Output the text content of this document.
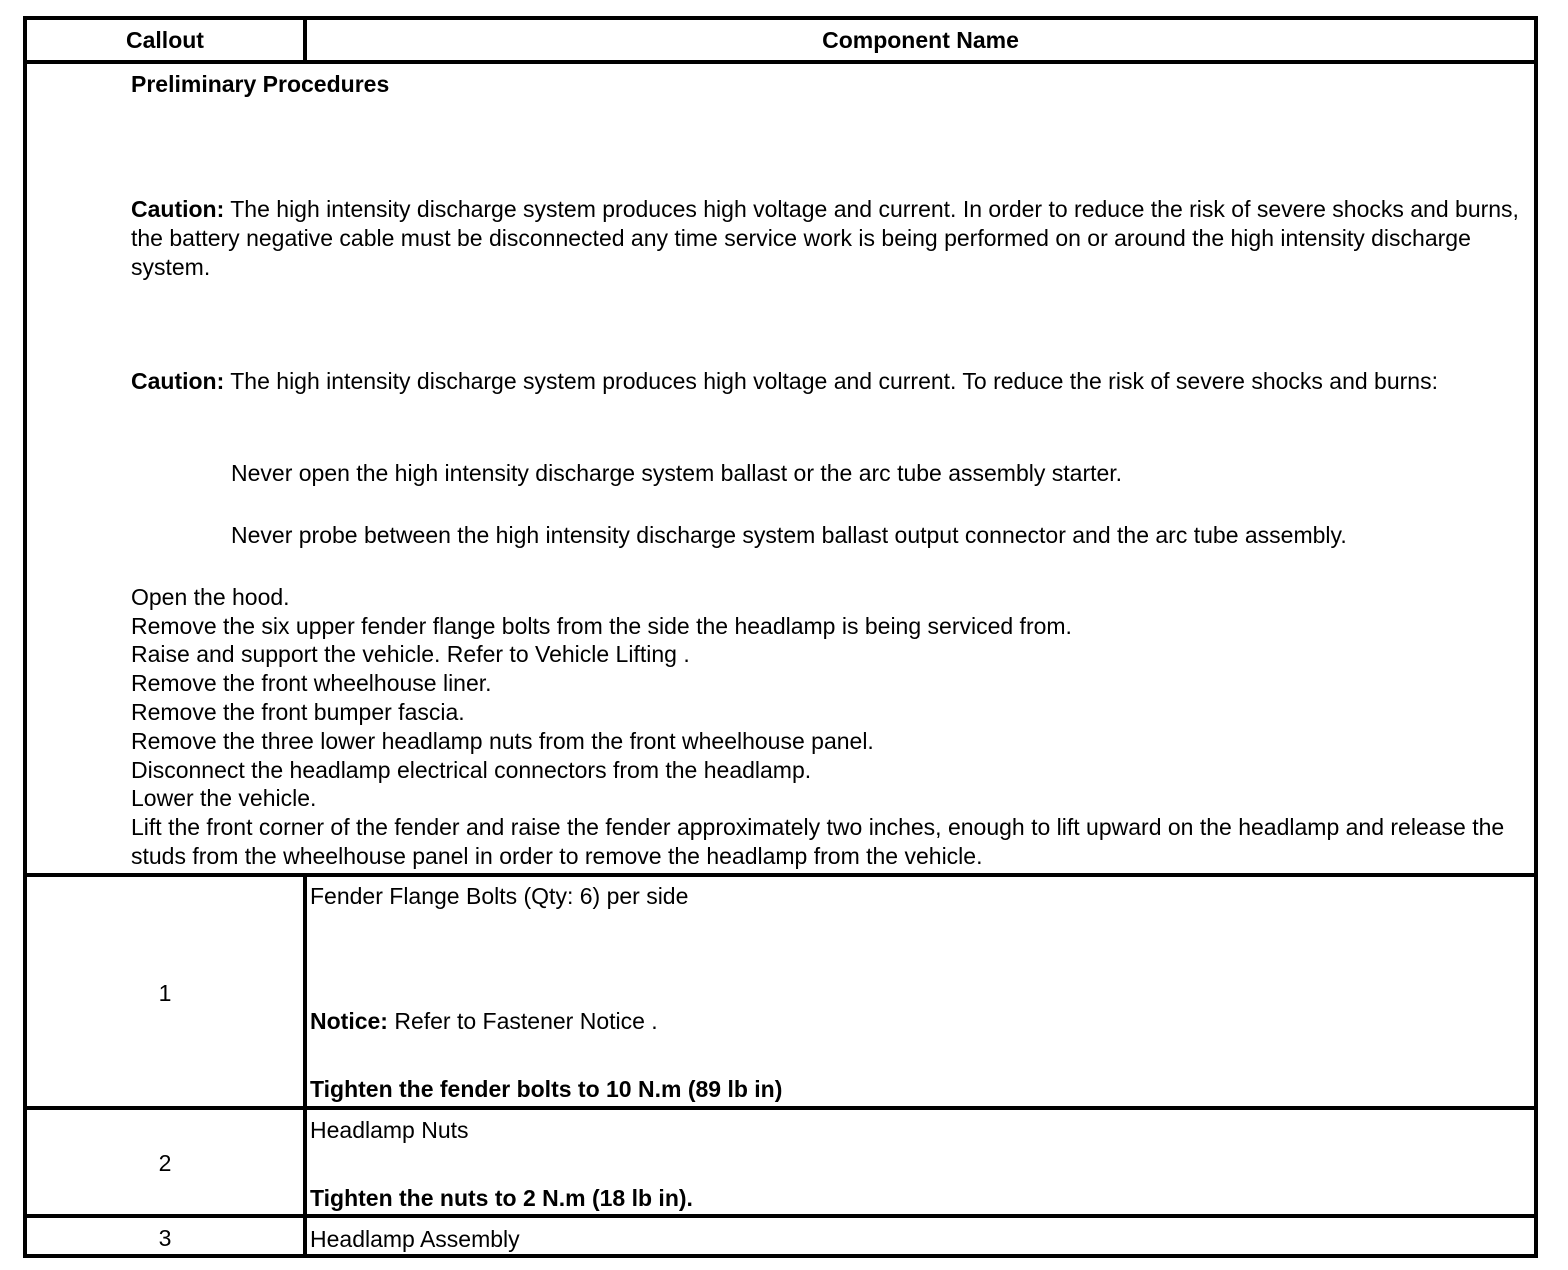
Callout	Component Name
Preliminary Procedures
Caution: The high intensity discharge system produces high voltage and current. In order to reduce the risk of severe shocks and burns, the battery negative cable must be disconnected any time service work is being performed on or around the high intensity discharge system.
Caution: The high intensity discharge system produces high voltage and current. To reduce the risk of severe shocks and burns:
Never open the high intensity discharge system ballast or the arc tube assembly starter.
Never probe between the high intensity discharge system ballast output connector and the arc tube assembly.
Open the hood.
Remove the six upper fender flange bolts from the side the headlamp is being serviced from.
Raise and support the vehicle. Refer to Vehicle Lifting .
Remove the front wheelhouse liner.
Remove the front bumper fascia.
Remove the three lower headlamp nuts from the front wheelhouse panel.
Disconnect the headlamp electrical connectors from the headlamp.
Lower the vehicle.
Lift the front corner of the fender and raise the fender approximately two inches, enough to lift upward on the headlamp and release the studs from the wheelhouse panel in order to remove the headlamp from the vehicle.
1
Fender Flange Bolts (Qty: 6) per side
Notice: Refer to Fastener Notice .
Tighten the fender bolts to 10 N.m (89 lb in)
2
Headlamp Nuts
Tighten the nuts to 2 N.m (18 lb in).
3	Headlamp Assembly
